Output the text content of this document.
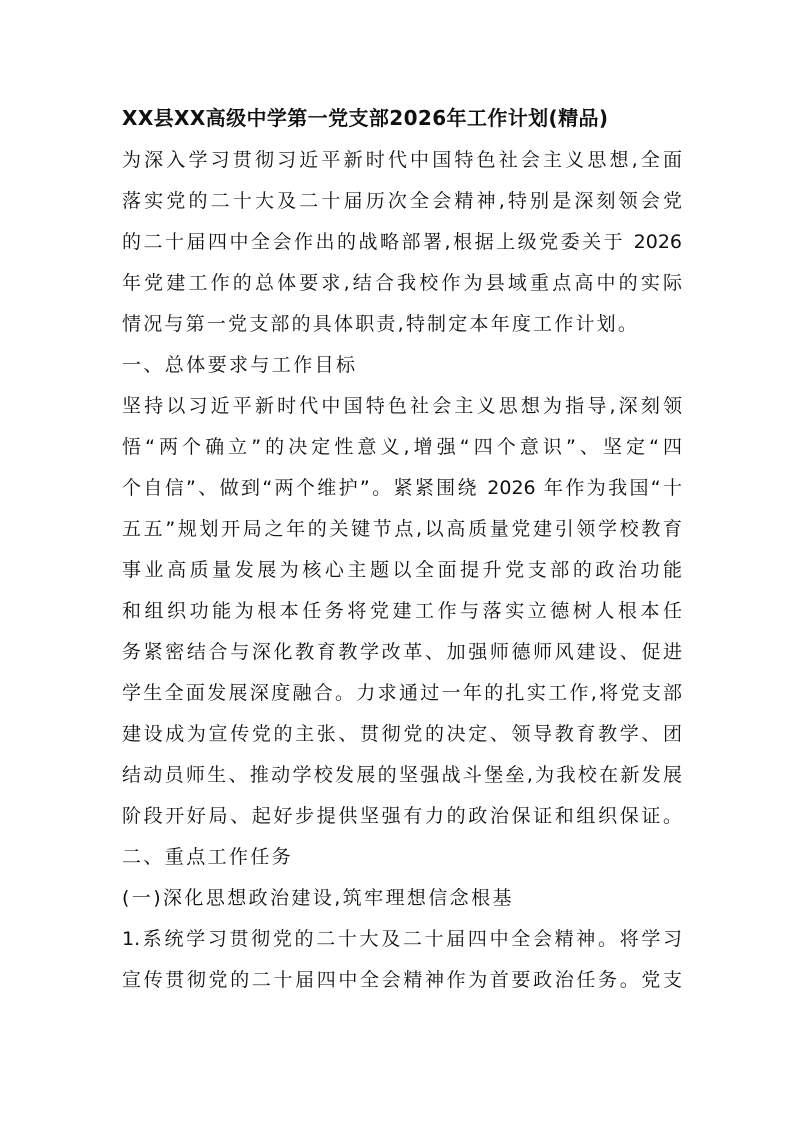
XX县XX高级中学第一党支部2026年工作计划(精品)
为深入学习贯彻习近平新时代中国特色社会主义思想,全面
落实党的二十大及二十届历次全会精神,特别是深刻领会党
的二十届四中全会作出的战略部署,根据上级党委关于 2026
年党建工作的总体要求,结合我校作为县域重点高中的实际
情况与第一党支部的具体职责,特制定本年度工作计划。
一、总体要求与工作目标
坚持以习近平新时代中国特色社会主义思想为指导,深刻领
悟“两个确立”的决定性意义,增强“四个意识”、坚定“四
个自信”、做到“两个维护”。紧紧围绕 2026 年作为我国“十
五五”规划开局之年的关键节点,以高质量党建引领学校教育
事业高质量发展为核心主题以全面提升党支部的政治功能
和组织功能为根本任务将党建工作与落实立德树人根本任
务紧密结合与深化教育教学改革、加强师德师风建设、促进
学生全面发展深度融合。力求通过一年的扎实工作,将党支部
建设成为宣传党的主张、贯彻党的决定、领导教育教学、团
结动员师生、推动学校发展的坚强战斗堡垒,为我校在新发展
阶段开好局、起好步提供坚强有力的政治保证和组织保证。
二、重点工作任务
(一)深化思想政治建设,筑牢理想信念根基
1.系统学习贯彻党的二十大及二十届四中全会精神。将学习
宣传贯彻党的二十届四中全会精神作为首要政治任务。党支
